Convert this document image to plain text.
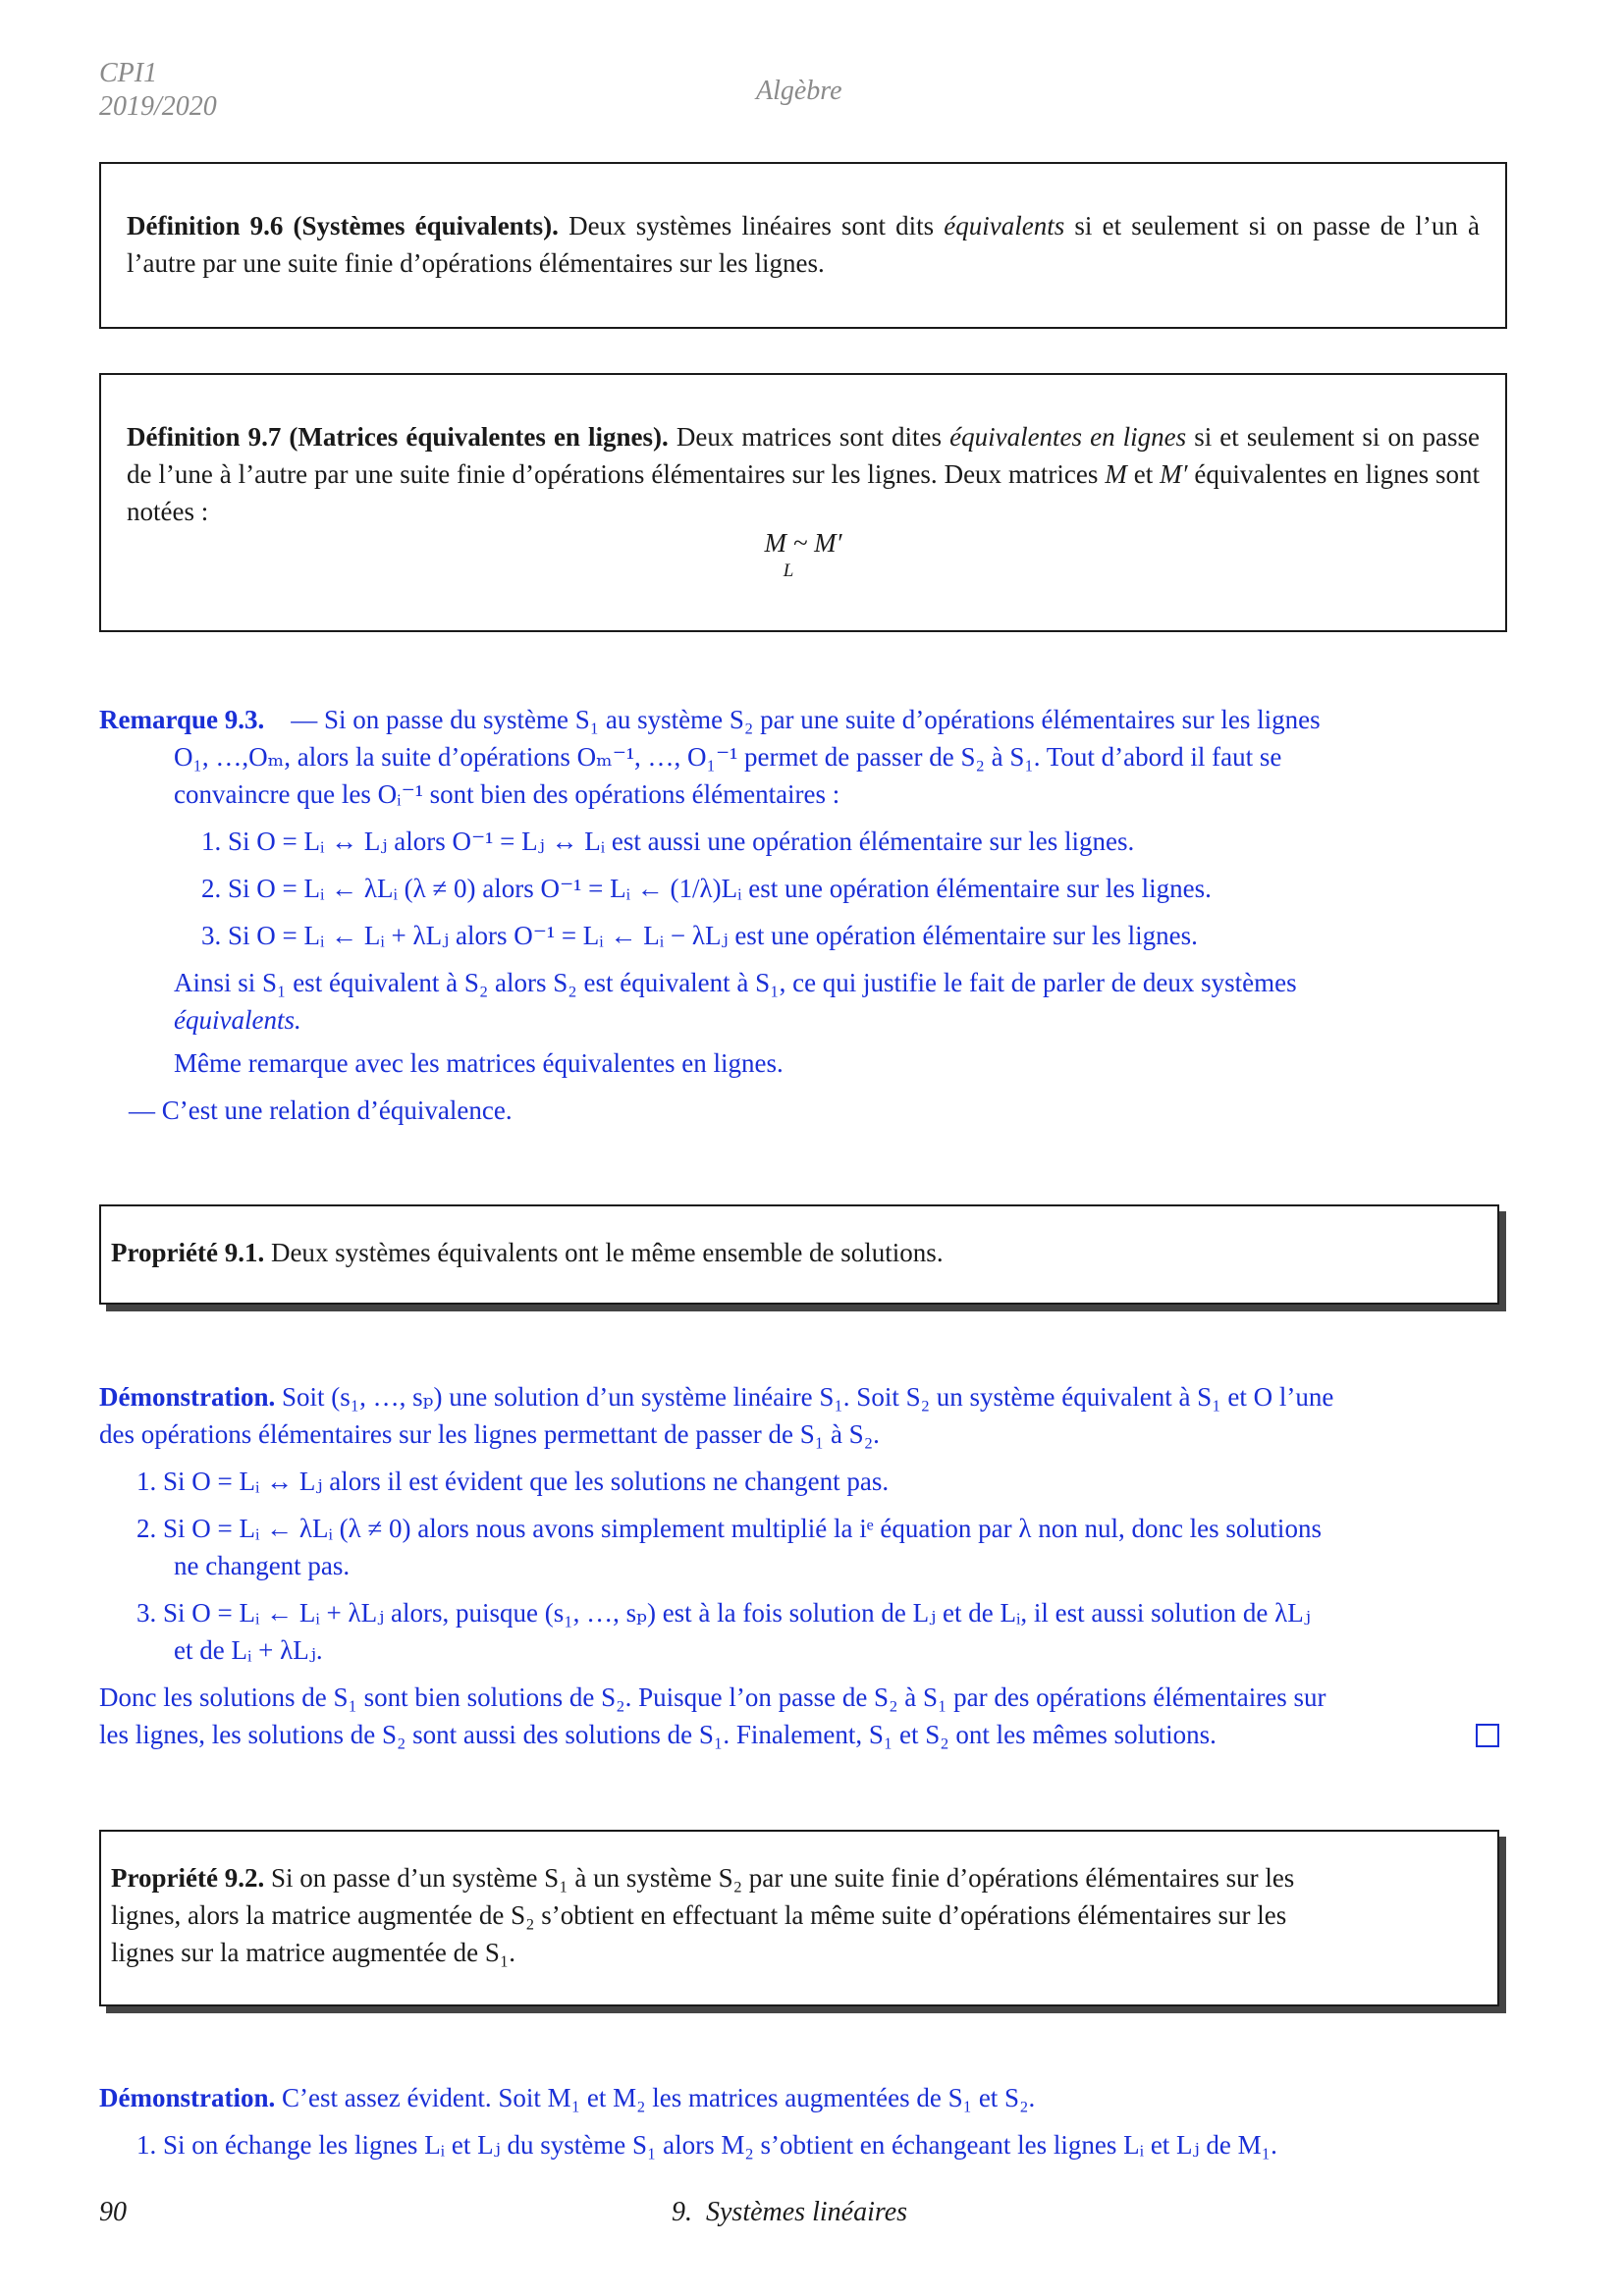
CPI1
2019/2020
Algèbre
Définition 9.6 (Systèmes équivalents). Deux systèmes linéaires sont dits équivalents si et seulement si on passe de l’un à l’autre par une suite finie d’opérations élémentaires sur les lignes.
Définition 9.7 (Matrices équivalentes en lignes). Deux matrices sont dites équivalentes en lignes si et seulement si on passe de l’une à l’autre par une suite finie d’opérations élémentaires sur les lignes. Deux matrices M et M′ équivalentes en lignes sont notées :
M ~ M′
L
Remarque 9.3. — Si on passe du système S₁ au système S₂ par une suite d’opérations élémentaires sur les lignes
O₁, …,Oₘ, alors la suite d’opérations Oₘ⁻¹, …, O₁⁻¹ permet de passer de S₂ à S₁. Tout d’abord il faut se
convaincre que les Oᵢ⁻¹ sont bien des opérations élémentaires :
1. Si O = Lᵢ ↔ Lⱼ alors O⁻¹ = Lⱼ ↔ Lᵢ est aussi une opération élémentaire sur les lignes.
2. Si O = Lᵢ ← λLᵢ (λ ≠ 0) alors O⁻¹ = Lᵢ ← (1/λ)Lᵢ est une opération élémentaire sur les lignes.
3. Si O = Lᵢ ← Lᵢ + λLⱼ alors O⁻¹ = Lᵢ ← Lᵢ − λLⱼ est une opération élémentaire sur les lignes.
Ainsi si S₁ est équivalent à S₂ alors S₂ est équivalent à S₁, ce qui justifie le fait de parler de deux systèmes
équivalents.
Même remarque avec les matrices équivalentes en lignes.
— C’est une relation d’équivalence.
Propriété 9.1. Deux systèmes équivalents ont le même ensemble de solutions.
Démonstration. Soit (s₁, …, sₚ) une solution d’un système linéaire S₁. Soit S₂ un système équivalent à S₁ et O l’une
des opérations élémentaires sur les lignes permettant de passer de S₁ à S₂.
1. Si O = Lᵢ ↔ Lⱼ alors il est évident que les solutions ne changent pas.
2. Si O = Lᵢ ← λLᵢ (λ ≠ 0) alors nous avons simplement multiplié la iᵉ équation par λ non nul, donc les solutions
ne changent pas.
3. Si O = Lᵢ ← Lᵢ + λLⱼ alors, puisque (s₁, …, sₚ) est à la fois solution de Lⱼ et de Lᵢ, il est aussi solution de λLⱼ
et de Lᵢ + λLⱼ.
Donc les solutions de S₁ sont bien solutions de S₂. Puisque l’on passe de S₂ à S₁ par des opérations élémentaires sur
les lignes, les solutions de S₂ sont aussi des solutions de S₁. Finalement, S₁ et S₂ ont les mêmes solutions.
Propriété 9.2. Si on passe d’un système S₁ à un système S₂ par une suite finie d’opérations élémentaires sur les
lignes, alors la matrice augmentée de S₂ s’obtient en effectuant la même suite d’opérations élémentaires sur les
lignes sur la matrice augmentée de S₁.
Démonstration. C’est assez évident. Soit M₁ et M₂ les matrices augmentées de S₁ et S₂.
1. Si on échange les lignes Lᵢ et Lⱼ du système S₁ alors M₂ s’obtient en échangeant les lignes Lᵢ et Lⱼ de M₁.
90	9.  Systèmes linéaires
